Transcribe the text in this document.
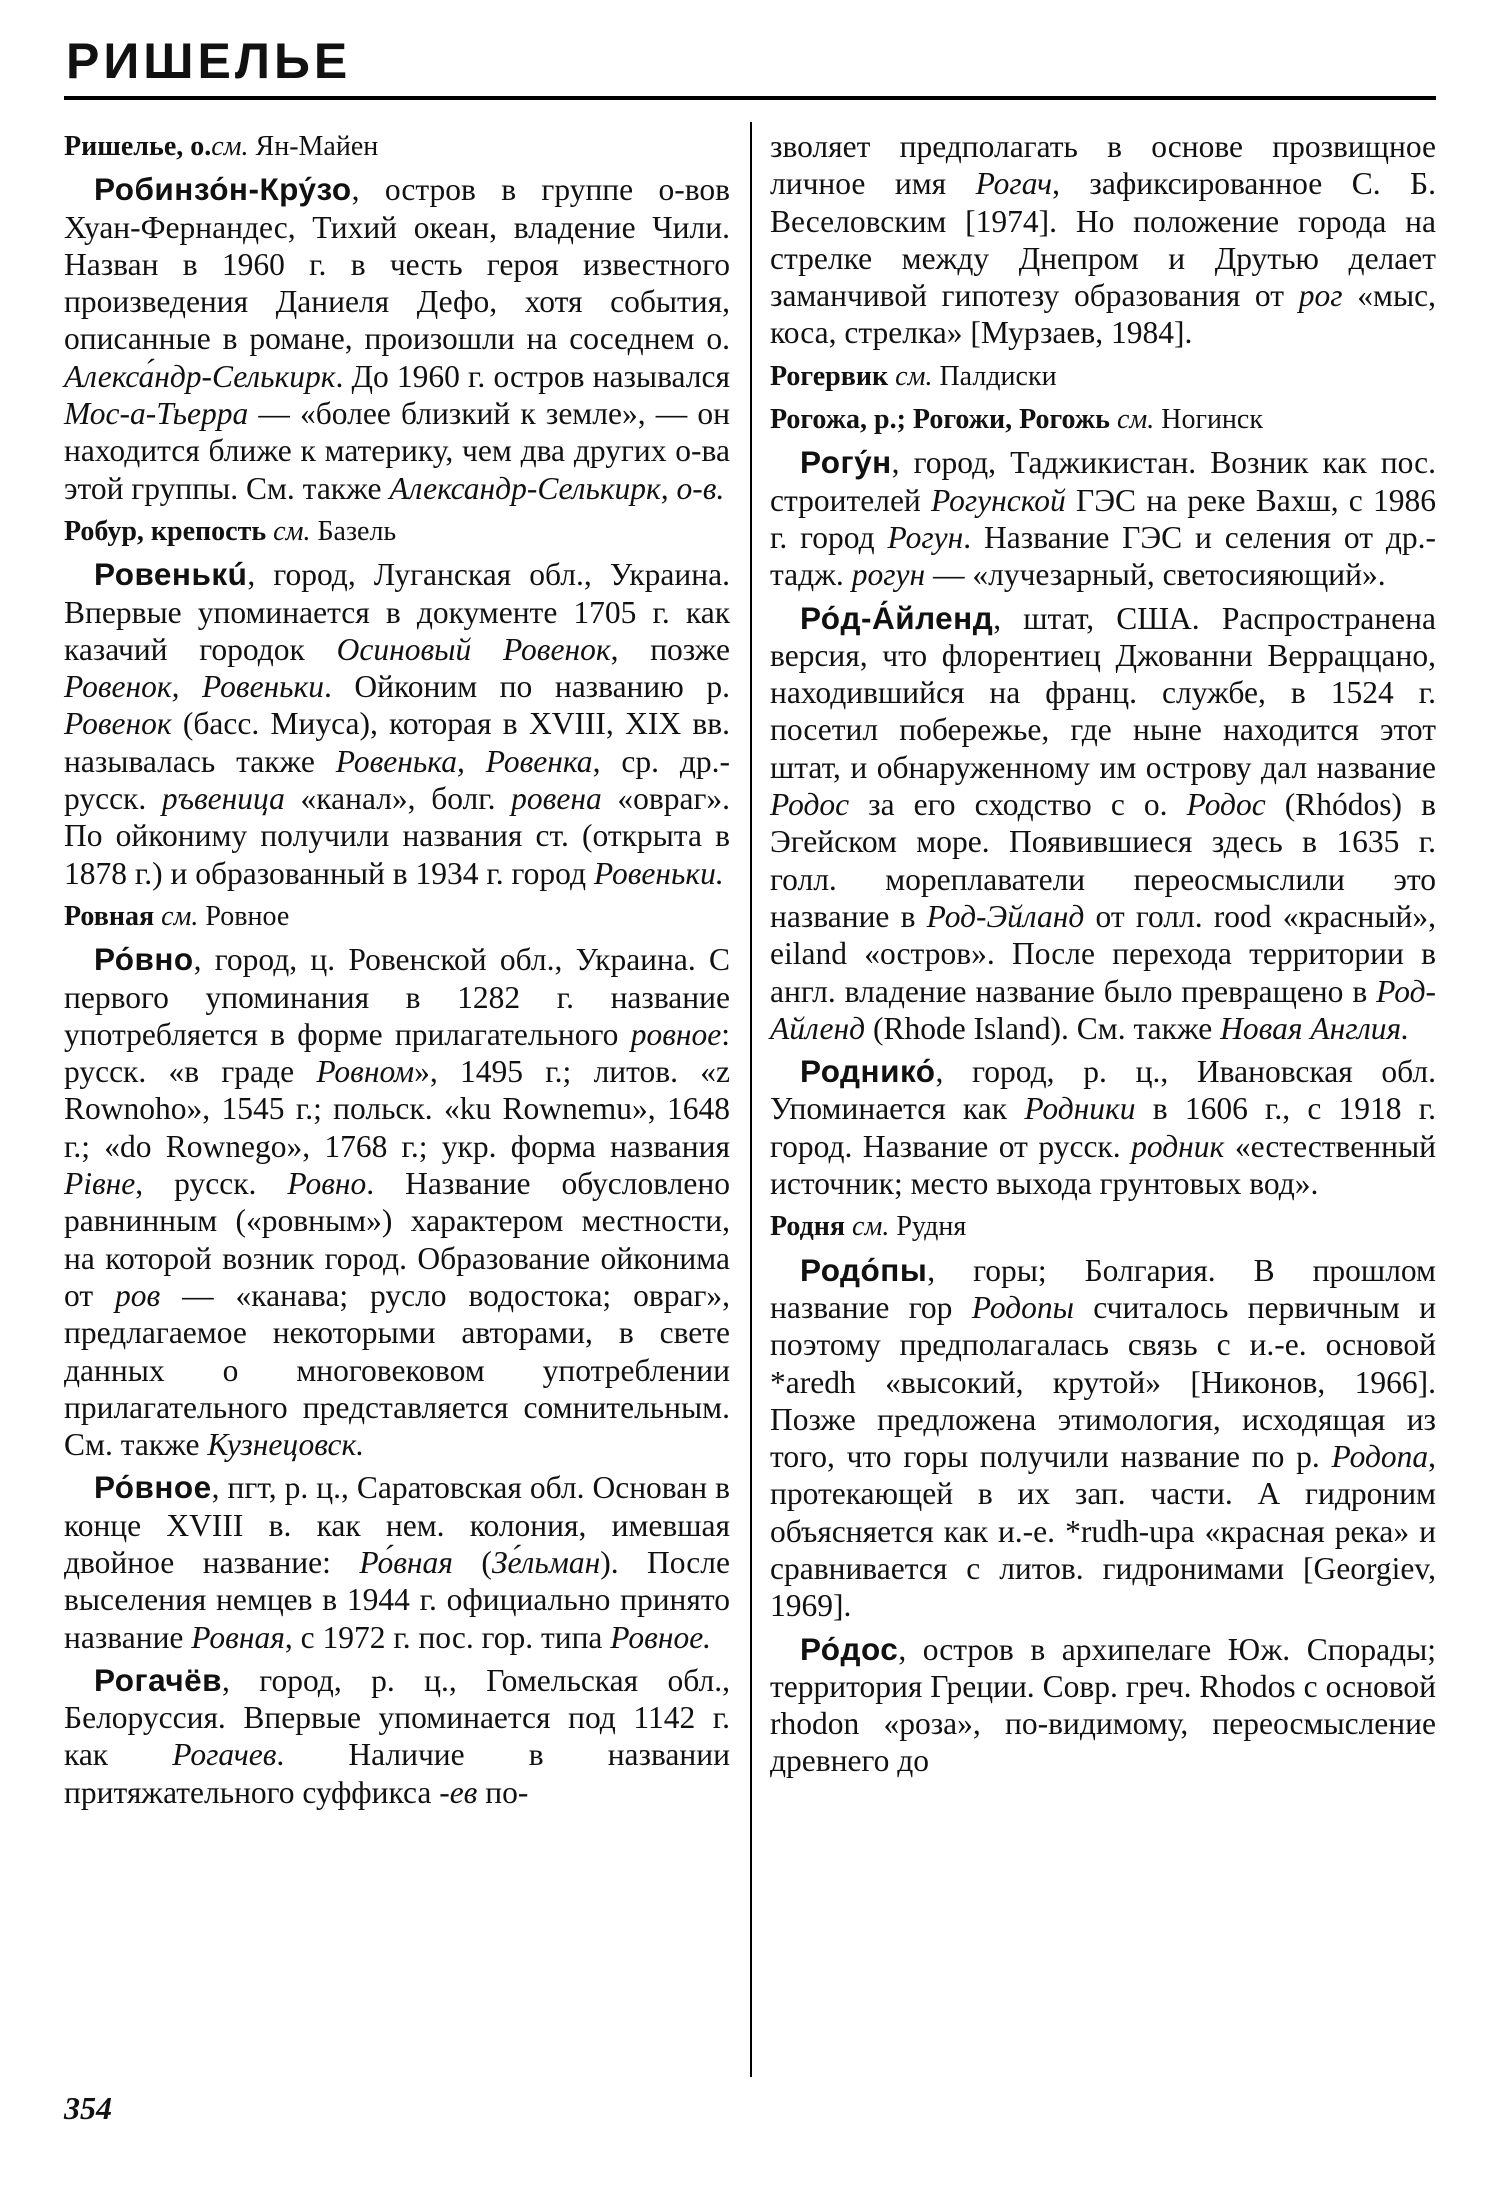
РИШЕЛЬЕ

Ришелье, о.см. Ян-Майен

Робинзо́н-Кру́зо, остров в группе о-вов Хуан-Фернандес, Тихий океан, владение Чили. Назван в 1960 г. в честь героя известного произведения Даниеля Дефо, хотя события, описанные в романе, произошли на соседнем о. Алекса́ндр-Селькирк. До 1960 г. остров назывался Мос-а-Тьерра — «более близкий к земле», — он находится ближе к материку, чем два других о-ва этой группы. См. также Александр-Селькирк, о-в.

Робур, крепость см. Базель

Ровенькú, город, Луганская обл., Украина. Впервые упоминается в документе 1705 г. как казачий городок Осиновый Ровенок, позже Ровенок, Ровеньки. Ойконим по названию р. Ровенок (басс. Миуса), которая в XVIII, XIX вв. называлась также Ровенька, Ровенка, ср. др.-русск. ръвеница «канал», болг. ровена «овраг». По ойкониму получили названия ст. (открыта в 1878 г.) и образованный в 1934 г. город Ровеньки.

Ровная см. Ровное

Ро́вно, город, ц. Ровенской обл., Украина. С первого упоминания в 1282 г. название употребляется в форме прилагательного ровное: русск. «в граде Ровном», 1495 г.; литов. «z Rownoho», 1545 г.; польск. «ku Rownemu», 1648 г.; «do Rownego», 1768 г.; укр. форма названия Рівне, русск. Ровно. Название обусловлено равнинным («ровным») характером местности, на которой возник город. Образование ойконима от ров — «канава; русло водостока; овраг», предлагаемое некоторыми авторами, в свете данных о многовековом употреблении прилагательного представляется сомнительным. См. также Кузнецовск.

Ро́вное, пгт, р. ц., Саратовская обл. Основан в конце XVIII в. как нем. колония, имевшая двойное название: Ро́вная (Зе́льман). После выселения немцев в 1944 г. официально принято название Ровная, с 1972 г. пос. гор. типа Ровное.

Рогачёв, город, р. ц., Гомельская обл., Белоруссия. Впервые упоминается под 1142 г. как Рогачев. Наличие в названии притяжательного суффикса -ев по-

зволяет предполагать в основе прозвищное личное имя Рогач, зафиксированное С. Б. Веселовским [1974]. Но положение города на стрелке между Днепром и Друтью делает заманчивой гипотезу образования от рог «мыс, коса, стрелка» [Мурзаев, 1984].

Рогервик см. Палдиски

Рогожа, р.; Рогожи, Рогожь см. Ногинск

Рогу́н, город, Таджикистан. Возник как пос. строителей Рогунской ГЭС на реке Вахш, с 1986 г. город Рогун. Название ГЭС и селения от др.-тадж. рогун — «лучезарный, светосияющий».

Ро́д-А́йленд, штат, США. Распространена версия, что флорентиец Джованни Верраццано, находившийся на франц. службе, в 1524 г. посетил побережье, где ныне находится этот штат, и обнаруженному им острову дал название Родос за его сходство с о. Родос (Rhódos) в Эгейском море. Появившиеся здесь в 1635 г. голл. мореплаватели переосмыслили это название в Род-Эйланд от голл. rood «красный», eiland «остров». После перехода территории в англ. владение название было превращено в Род-Айленд (Rhode Island). См. также Новая Англия.

Роднико́, город, р. ц., Ивановская обл. Упоминается как Родники в 1606 г., с 1918 г. город. Название от русск. родник «естественный источник; место выхода грунтовых вод».

Родня см. Рудня

Родо́пы, горы; Болгария. В прошлом название гор Родопы считалось первичным и поэтому предполагалась связь с и.-е. основой *aredh «высокий, крутой» [Никонов, 1966]. Позже предложена этимология, исходящая из того, что горы получили название по р. Родопа, протекающей в их зап. части. А гидроним объясняется как и.-е. *rudh-upa «красная река» и сравнивается с литов. гидронимами [Georgiev, 1969].

Ро́дос, остров в архипелаге Юж. Спорады; территория Греции. Совр. греч. Rhodos с основой rhodon «роза», по-видимому, переосмысление древнего до

354
